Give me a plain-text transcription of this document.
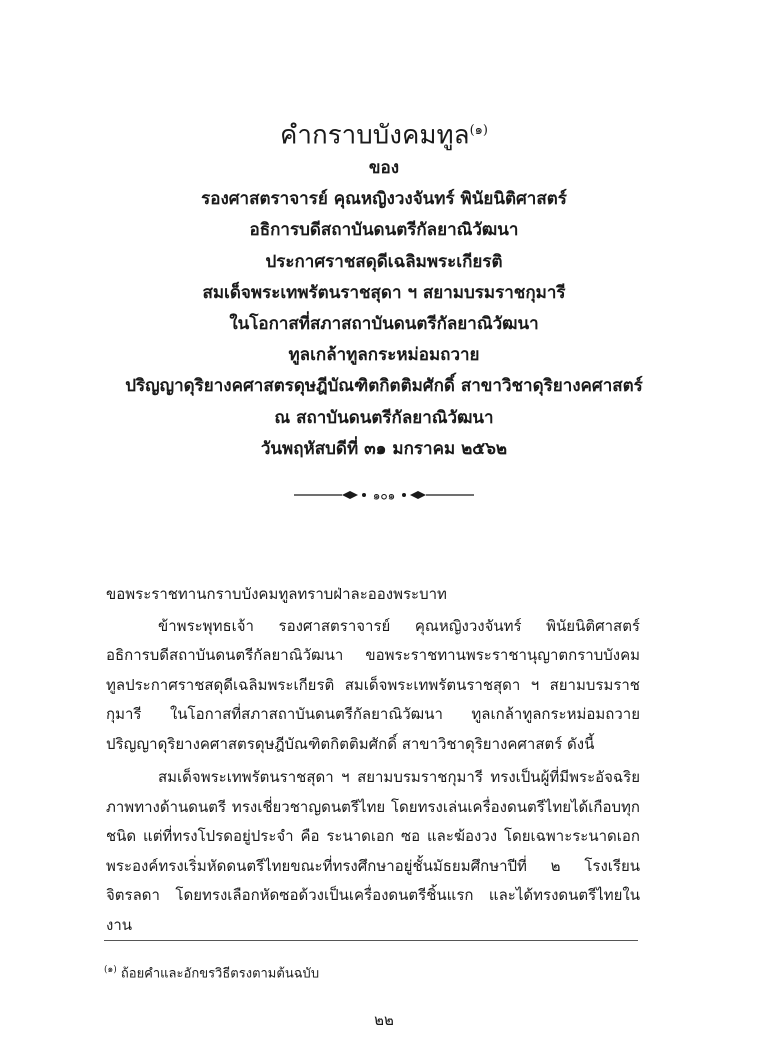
คำกราบบังคมทูล$^{(๑)}$
ของ
รองศาสตราจารย์ คุณหญิงวงจันทร์ พินัยนิติศาสตร์
อธิการบดีสถาบันดนตรีกัลยาณิวัฒนา
ประกาศราชสดุดีเฉลิมพระเกียรติ
สมเด็จพระเทพรัตนราชสุดา ฯ สยามบรมราชกุมารี
ในโอกาสที่สภาสถาบันดนตรีกัลยาณิวัฒนา
ทูลเกล้าทูลกระหม่อมถวาย
ปริญญาดุริยางคศาสตรดุษฎีบัณฑิตกิตติมศักดิ์ สาขาวิชาดุริยางคศาสตร์
ณ สถาบันดนตรีกัลยาณิวัฒนา
วันพฤหัสบดีที่ ๓๑ มกราคม ๒๕๖๒
๑๐๑

ขอพระราชทานกราบบังคมทูลทราบฝ่าละอองพระบาท

ข้าพระพุทธเจ้า รองศาสตราจารย์ คุณหญิงวงจันทร์ พินัยนิติศาสตร์ อธิการบดีสถาบันดนตรีกัลยาณิวัฒนา ขอพระราชทานพระราชานุญาตกราบบังคมทูลประกาศราชสดุดีเฉลิมพระเกียรติ สมเด็จพระเทพรัตนราชสุดา ฯ สยามบรมราชกุมารี ในโอกาสที่สภาสถาบันดนตรีกัลยาณิวัฒนา ทูลเกล้าทูลกระหม่อมถวายปริญญาดุริยางคศาสตรดุษฎีบัณฑิตกิตติมศักดิ์ สาขาวิชาดุริยางคศาสตร์ ดังนี้

สมเด็จพระเทพรัตนราชสุดา ฯ สยามบรมราชกุมารี ทรงเป็นผู้ที่มีพระอัจฉริยภาพทางด้านดนตรี ทรงเชี่ยวชาญดนตรีไทย โดยทรงเล่นเครื่องดนตรีไทยได้เกือบทุกชนิด แต่ที่ทรงโปรดอยู่ประจำ คือ ระนาดเอก ซอ และฆ้องวง โดยเฉพาะระนาดเอก พระองค์ทรงเริ่มหัดดนตรีไทยขณะที่ทรงศึกษาอยู่ชั้นมัธยมศึกษาปีที่ ๒ โรงเรียนจิตรลดา โดยทรงเลือกหัดซอด้วงเป็นเครื่องดนตรีชิ้นแรก และได้ทรงดนตรีไทยในงาน

$^{(๑)}$ ถ้อยคำและอักขรวิธีตรงตามต้นฉบับ
๒๒
